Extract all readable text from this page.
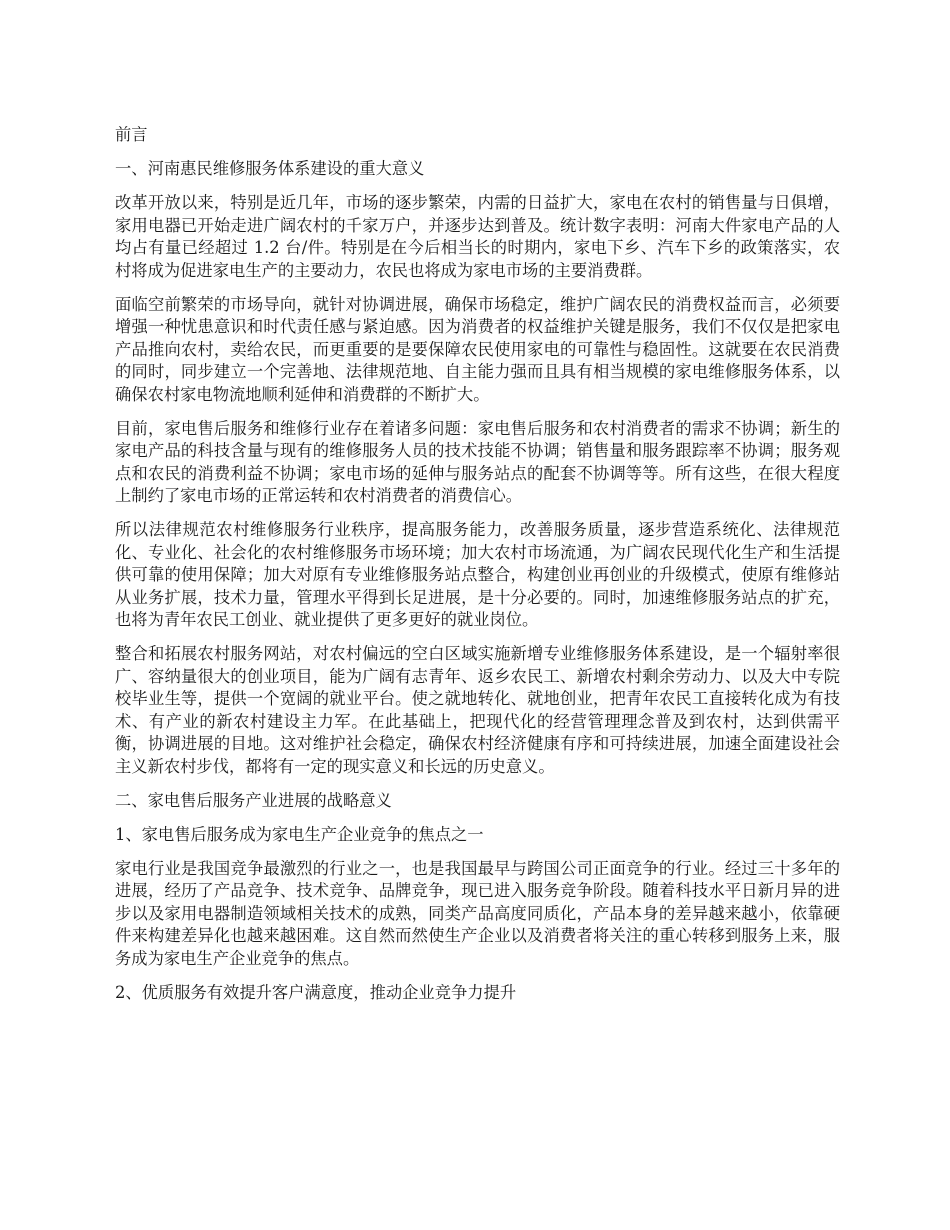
前言

一、河南惠民维修服务体系建设的重大意义

改革开放以来，特别是近几年，市场的逐步繁荣，内需的日益扩大，家电在农村的销售量与日俱增，家用电器已开始走进广阔农村的千家万户，并逐步达到普及。统计数字表明：河南大件家电产品的人均占有量已经超过 1.2 台/件。特别是在今后相当长的时期内，家电下乡、汽车下乡的政策落实，农村将成为促进家电生产的主要动力，农民也将成为家电市场的主要消费群。

面临空前繁荣的市场导向，就针对协调进展，确保市场稳定，维护广阔农民的消费权益而言，必须要增强一种忧患意识和时代责任感与紧迫感。因为消费者的权益维护关键是服务，我们不仅仅是把家电产品推向农村，卖给农民，而更重要的是要保障农民使用家电的可靠性与稳固性。这就要在农民消费的同时，同步建立一个完善地、法律规范地、自主能力强而且具有相当规模的家电维修服务体系，以确保农村家电物流地顺利延伸和消费群的不断扩大。

目前，家电售后服务和维修行业存在着诸多问题：家电售后服务和农村消费者的需求不协调；新生的家电产品的科技含量与现有的维修服务人员的技术技能不协调；销售量和服务跟踪率不协调；服务观点和农民的消费利益不协调；家电市场的延伸与服务站点的配套不协调等等。所有这些，在很大程度上制约了家电市场的正常运转和农村消费者的消费信心。

所以法律规范农村维修服务行业秩序，提高服务能力，改善服务质量，逐步营造系统化、法律规范化、专业化、社会化的农村维修服务市场环境；加大农村市场流通，为广阔农民现代化生产和生活提供可靠的使用保障；加大对原有专业维修服务站点整合，构建创业再创业的升级模式，使原有维修站从业务扩展，技术力量，管理水平得到长足进展，是十分必要的。同时，加速维修服务站点的扩充，也将为青年农民工创业、就业提供了更多更好的就业岗位。

整合和拓展农村服务网站，对农村偏远的空白区域实施新增专业维修服务体系建设，是一个辐射率很广、容纳量很大的创业项目，能为广阔有志青年、返乡农民工、新增农村剩余劳动力、以及大中专院校毕业生等，提供一个宽阔的就业平台。使之就地转化、就地创业，把青年农民工直接转化成为有技术、有产业的新农村建设主力军。在此基础上，把现代化的经营管理理念普及到农村，达到供需平衡，协调进展的目地。这对维护社会稳定，确保农村经济健康有序和可持续进展，加速全面建设社会主义新农村步伐，都将有一定的现实意义和长远的历史意义。

二、家电售后服务产业进展的战略意义

1、家电售后服务成为家电生产企业竞争的焦点之一

家电行业是我国竞争最激烈的行业之一，也是我国最早与跨国公司正面竞争的行业。经过三十多年的进展，经历了产品竞争、技术竞争、品牌竞争，现已进入服务竞争阶段。随着科技水平日新月异的进步以及家用电器制造领域相关技术的成熟，同类产品高度同质化，产品本身的差异越来越小，依靠硬件来构建差异化也越来越困难。这自然而然使生产企业以及消费者将关注的重心转移到服务上来，服务成为家电生产企业竞争的焦点。

2、优质服务有效提升客户满意度，推动企业竞争力提升
